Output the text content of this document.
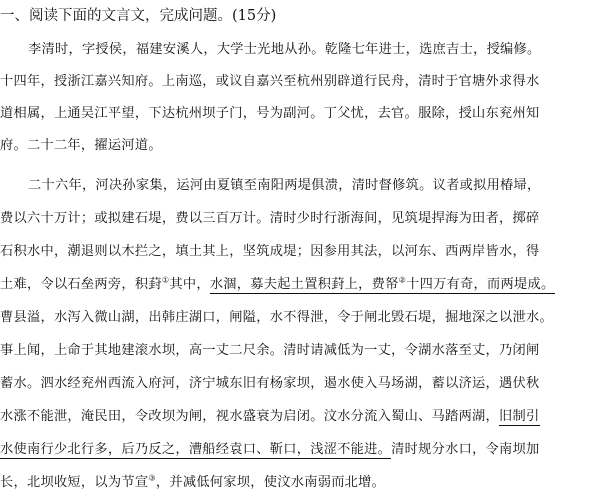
一、阅读下面的文言文，完成问题。(15分)
李清时，字授侯，福建安溪人，大学士光地从孙。乾隆七年进士，选庶吉士，授编修。
十四年，授浙江嘉兴知府。上南巡，或议自嘉兴至杭州别辟道行民舟，清时于官塘外求得水
道相属，上通吴江平望，下达杭州坝子门，号为副河。丁父忧，去官。服除，授山东兖州知
府。二十二年，擢运河道。
二十六年，河决孙家集，运河由夏镇至南阳两堤俱溃，清时督修筑。议者或拟用椿埽，
费以六十万计；或拟建石堤，费以三百万计。清时少时行浙海间，见筑堤捍海为田者，掷碎
石积水中，潮退则以木拦之，填土其上，坚筑成堤；因参用其法，以河东、西两岸皆水，得
土难，令以石垒两旁，积葑①其中，水涸，募夫起土置积葑上，费帑②十四万有奇，而两堤成。
曹县溢，水泻入微山湖，出韩庄湖口，闸隘，水不得泄，令于闸北毁石堤，掘地深之以泄水。
事上闻，上命于其地建滚水坝，高一丈二尺余。清时请减低为一丈，令湖水落至丈，乃闭闸
蓄水。泗水经兖州西流入府河，济宁城东旧有杨家坝，遏水使入马场湖，蓄以济运，遇伏秋
水涨不能泄，淹民田，令改坝为闸，视水盛衰为启闭。汶水分流入蜀山、马踏两湖，旧制引
水使南行少北行多，后乃反之，漕船经袁口、靳口，浅涩不能进。清时规分水口，令南坝加
长，北坝收短，以为节宣③，并减低何家坝，使汶水南弱而北增。
